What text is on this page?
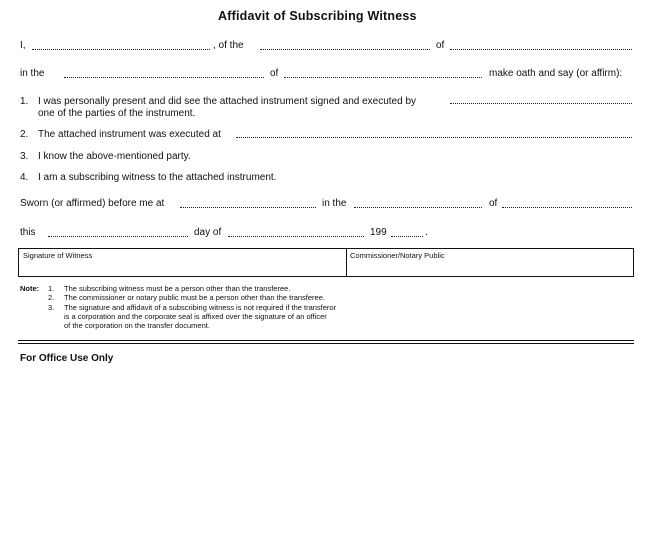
Affidavit of Subscribing Witness
I,	, of the	of
in the	of	make oath and say (or affirm):
1. I was personally present and did see the attached instrument signed and executed by
one of the parties of the instrument.
2. The attached instrument was executed at
3. I know the above-mentioned party.
4. I am a subscribing witness to the attached instrument.
Sworn (or affirmed) before me at	in the	of
this	day of	199	.
Signature of Witness	Commissioner/Notary Public
Note: 1. The subscribing witness must be a person other than the transferee.
2. The commissioner or notary public must be a person other than the transferee.
3. The signature and affidavit of a subscribing witness is not required if the transferor
is a corporation and the corporate seal is affixed over the signature of an officer
of the corporation on the transfer document.
For Office Use Only
